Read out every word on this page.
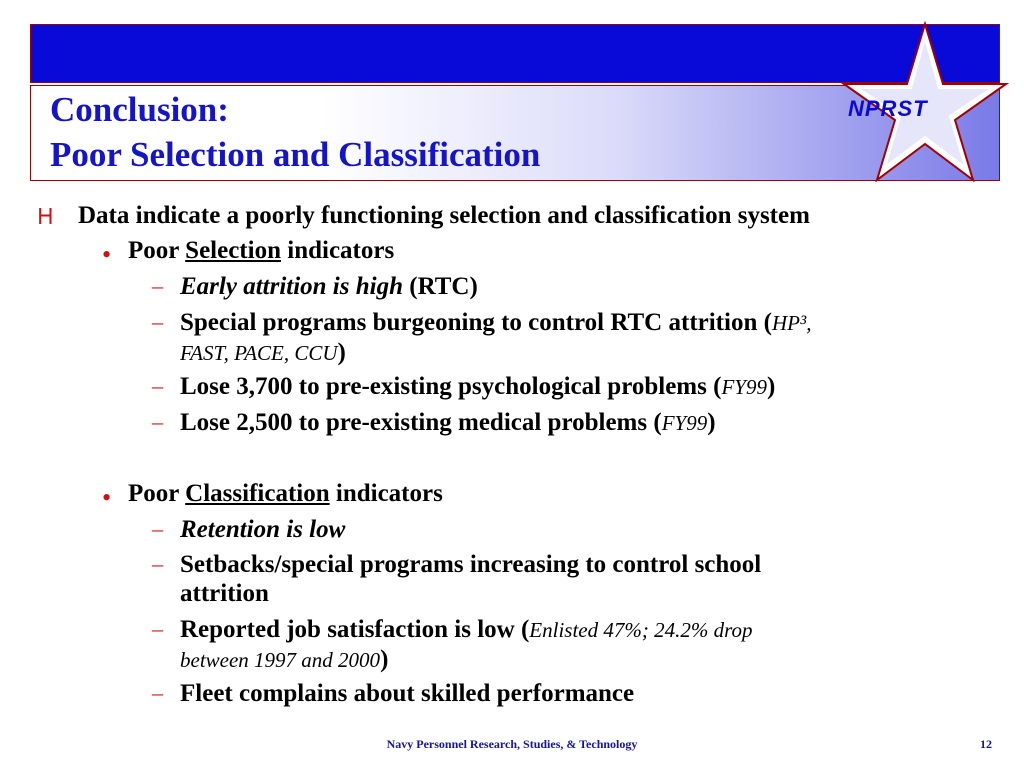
Conclusion:
Poor Selection and Classification
NPRST
Ꮋ Data indicate a poorly functioning selection and classification system
• Poor Selection indicators
– Early attrition is high (RTC)
– Special programs burgeoning to control RTC attrition (HP³,
FAST, PACE, CCU)
– Lose 3,700 to pre-existing psychological problems (FY99)
– Lose 2,500 to pre-existing medical problems (FY99)
• Poor Classification indicators
– Retention is low
– Setbacks/special programs increasing to control school
attrition
– Reported job satisfaction is low (Enlisted 47%; 24.2% drop
between 1997 and 2000)
– Fleet complains about skilled performance
Navy Personnel Research, Studies, & Technology	12
